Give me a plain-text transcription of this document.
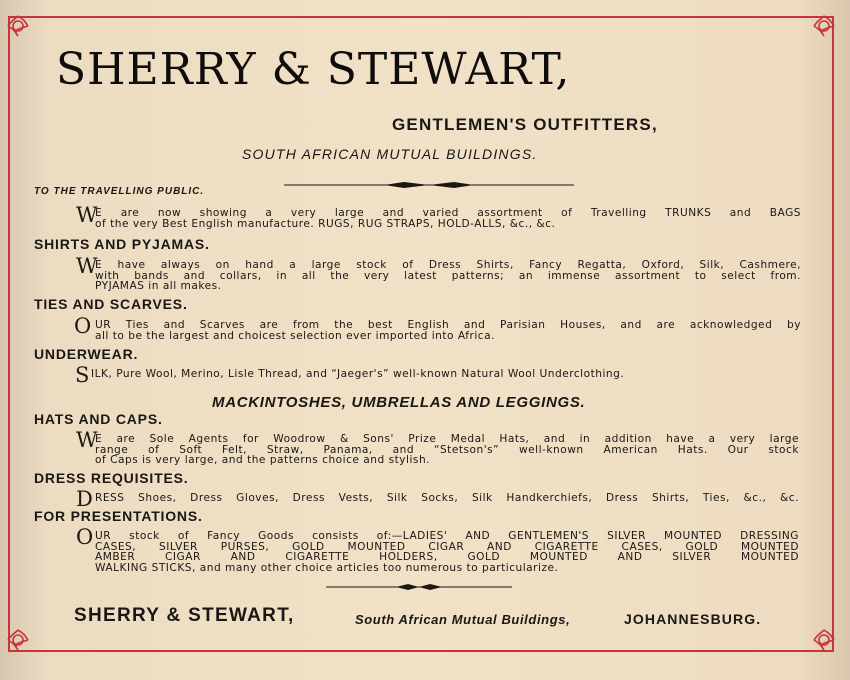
SHERRY & STEWART,
GENTLEMEN'S OUTFITTERS,
SOUTH AFRICAN MUTUAL BUILDINGS.
TO THE TRAVELLING PUBLIC.
W
E are now showing a very large and varied assortment of Travelling TRUNKS and BAGS
of the very Best English manufacture. RUGS, RUG STRAPS, HOLD-ALLS, &c., &c.
SHIRTS AND PYJAMAS.
W
E have always on hand a large stock of Dress Shirts, Fancy Regatta, Oxford, Silk, Cashmere,
with bands and collars, in all the very latest patterns; an immense assortment to select from.
PYJAMAS in all makes.
TIES AND SCARVES.
O UR Ties and Scarves are from the best English and Parisian Houses, and are acknowledged by
all to be the largest and choicest selection ever imported into Africa.
UNDERWEAR.
S ILK, Pure Wool, Merino, Lisle Thread, and “Jaeger's” well-known Natural Wool Underclothing.
MACKINTOSHES, UMBRELLAS AND LEGGINGS.
HATS AND CAPS.
W
E are Sole Agents for Woodrow & Sons' Prize Medal Hats, and in addition have a very large
range of Soft Felt, Straw, Panama, and “Stetson's” well-known American Hats. Our stock
of Caps is very large, and the patterns choice and stylish.
DRESS REQUISITES.
D RESS Shoes, Dress Gloves, Dress Vests, Silk Socks, Silk Handkerchiefs, Dress Shirts, Ties, &c., &c.
FOR PRESENTATIONS.
O UR stock of Fancy Goods consists of:—LADIES' AND GENTLEMEN'S SILVER MOUNTED DRESSING
CASES, SILVER PURSES, GOLD MOUNTED CIGAR AND CIGARETTE CASES, GOLD MOUNTED
AMBER CIGAR AND CIGARETTE HOLDERS, GOLD MOUNTED AND SILVER MOUNTED
WALKING STICKS, and many other choice articles too numerous to particularize.
SHERRY & STEWART,	South African Mutual Buildings,	JOHANNESBURG.
